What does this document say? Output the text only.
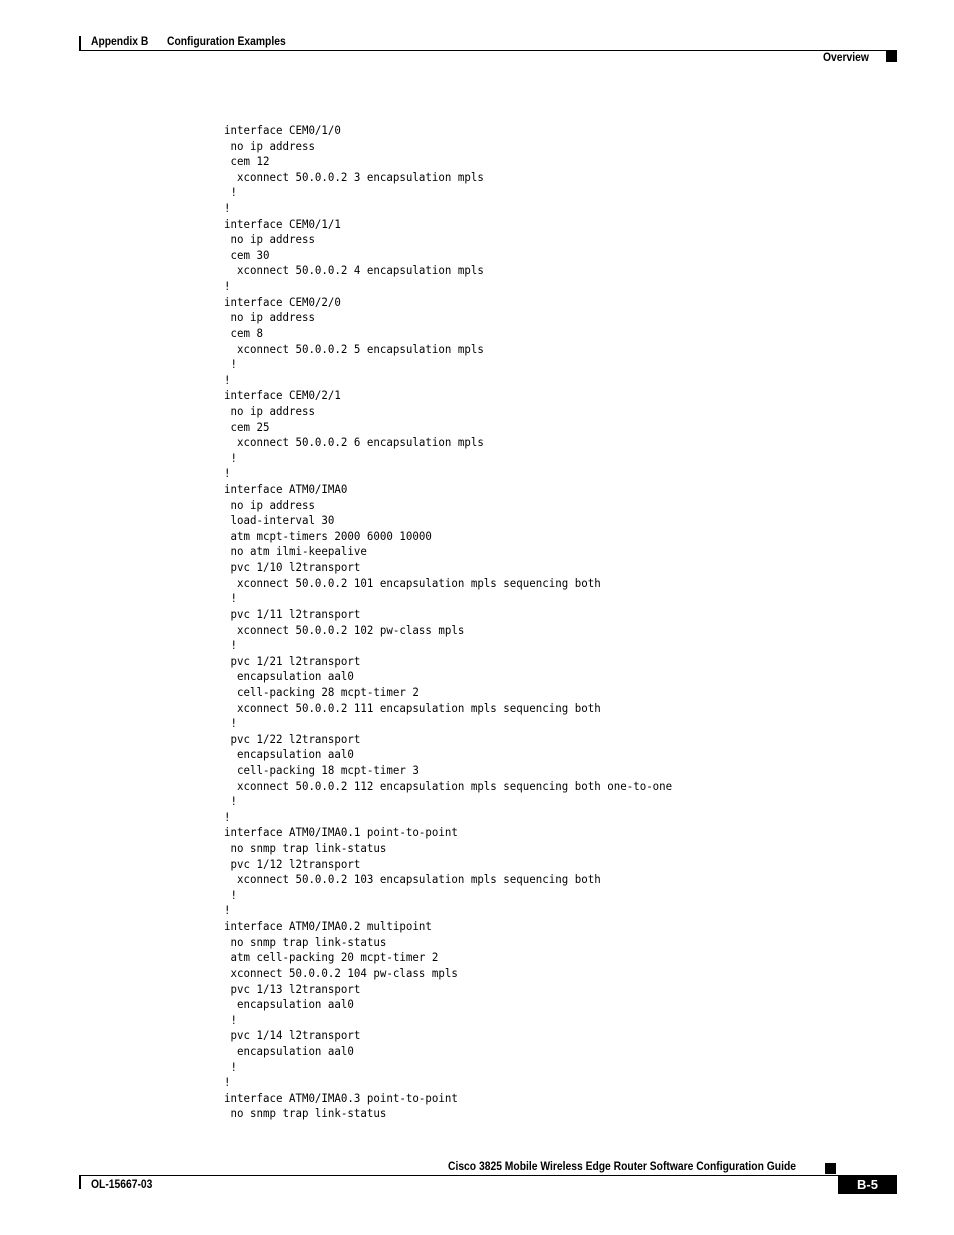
Appendix B Configuration Examples
Overview
interface CEM0/1/0
no ip address
cem 12
xconnect 50.0.0.2 3 encapsulation mpls
!
!
interface CEM0/1/1
no ip address
cem 30
xconnect 50.0.0.2 4 encapsulation mpls
!
interface CEM0/2/0
no ip address
cem 8
xconnect 50.0.0.2 5 encapsulation mpls
!
!
interface CEM0/2/1
no ip address
cem 25
xconnect 50.0.0.2 6 encapsulation mpls
!
!
interface ATM0/IMA0
no ip address
load-interval 30
atm mcpt-timers 2000 6000 10000
no atm ilmi-keepalive
pvc 1/10 l2transport
xconnect 50.0.0.2 101 encapsulation mpls sequencing both
!
pvc 1/11 l2transport
xconnect 50.0.0.2 102 pw-class mpls
!
pvc 1/21 l2transport
encapsulation aal0
cell-packing 28 mcpt-timer 2
xconnect 50.0.0.2 111 encapsulation mpls sequencing both
!
pvc 1/22 l2transport
encapsulation aal0
cell-packing 18 mcpt-timer 3
xconnect 50.0.0.2 112 encapsulation mpls sequencing both one-to-one
!
!
interface ATM0/IMA0.1 point-to-point
no snmp trap link-status
pvc 1/12 l2transport
xconnect 50.0.0.2 103 encapsulation mpls sequencing both
!
!
interface ATM0/IMA0.2 multipoint
no snmp trap link-status
atm cell-packing 20 mcpt-timer 2
xconnect 50.0.0.2 104 pw-class mpls
pvc 1/13 l2transport
encapsulation aal0
!
pvc 1/14 l2transport
encapsulation aal0
!
!
interface ATM0/IMA0.3 point-to-point
no snmp trap link-status
Cisco 3825 Mobile Wireless Edge Router Software Configuration Guide
OL-15667-03	B-5
